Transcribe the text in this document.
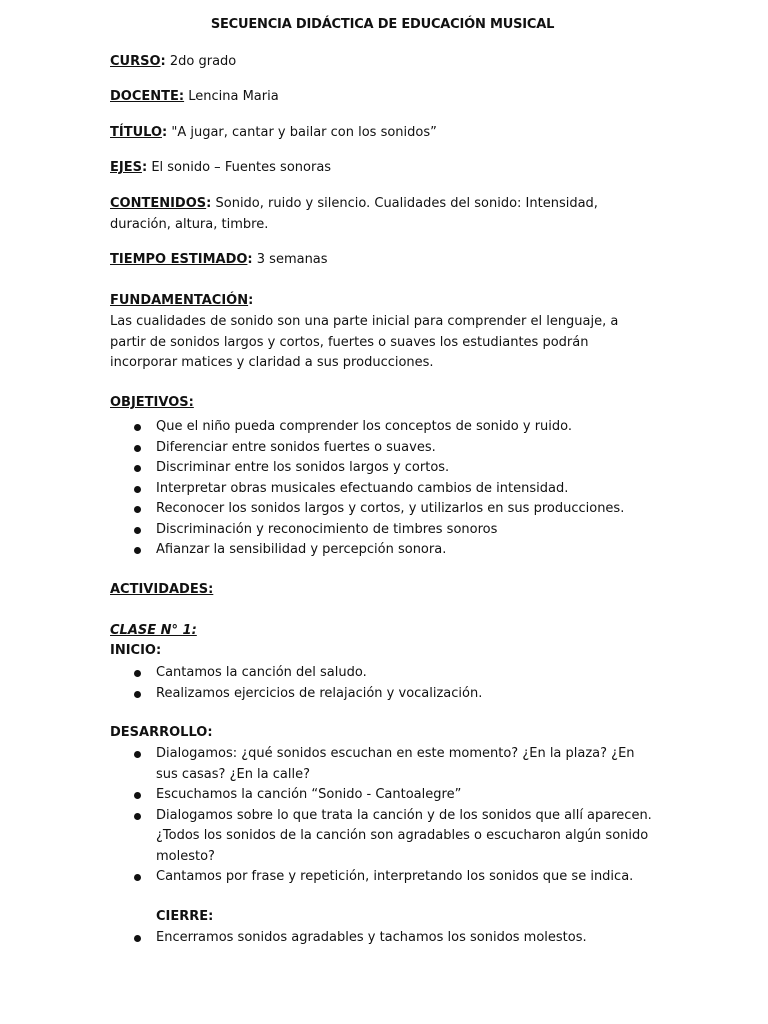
SECUENCIA DIDÁCTICA DE EDUCACIÓN MUSICAL
CURSO: 2do grado
DOCENTE: Lencina Maria
TÍTULO: "A jugar, cantar y bailar con los sonidos”
EJES: El sonido – Fuentes sonoras
CONTENIDOS: Sonido, ruido y silencio. Cualidades del sonido: Intensidad, duración, altura, timbre.
TIEMPO ESTIMADO: 3 semanas
FUNDAMENTACIÓN:
Las cualidades de sonido son una parte inicial para comprender el lenguaje, a partir de sonidos largos y cortos, fuertes o suaves los estudiantes podrán incorporar matices y claridad a sus producciones.
OBJETIVOS:
Que el niño pueda comprender los conceptos de sonido y ruido.
Diferenciar entre sonidos fuertes o suaves.
Discriminar entre los sonidos largos y cortos.
Interpretar obras musicales efectuando cambios de intensidad.
Reconocer los sonidos largos y cortos, y utilizarlos en sus producciones.
Discriminación y reconocimiento de timbres sonoros
Afianzar la sensibilidad y percepción sonora.
ACTIVIDADES:
CLASE N° 1:
INICIO:
Cantamos la canción del saludo.
Realizamos ejercicios de relajación y vocalización.
DESARROLLO:
Dialogamos: ¿qué sonidos escuchan en este momento? ¿En la plaza? ¿En sus casas? ¿En la calle?
Escuchamos la canción “Sonido - Cantoalegre”
Dialogamos sobre lo que trata la canción y de los sonidos que allí aparecen. ¿Todos los sonidos de la canción son agradables o escucharon algún sonido molesto?
Cantamos por frase y repetición, interpretando los sonidos que se indica.
CIERRE:
Encerramos sonidos agradables y tachamos los sonidos molestos.
